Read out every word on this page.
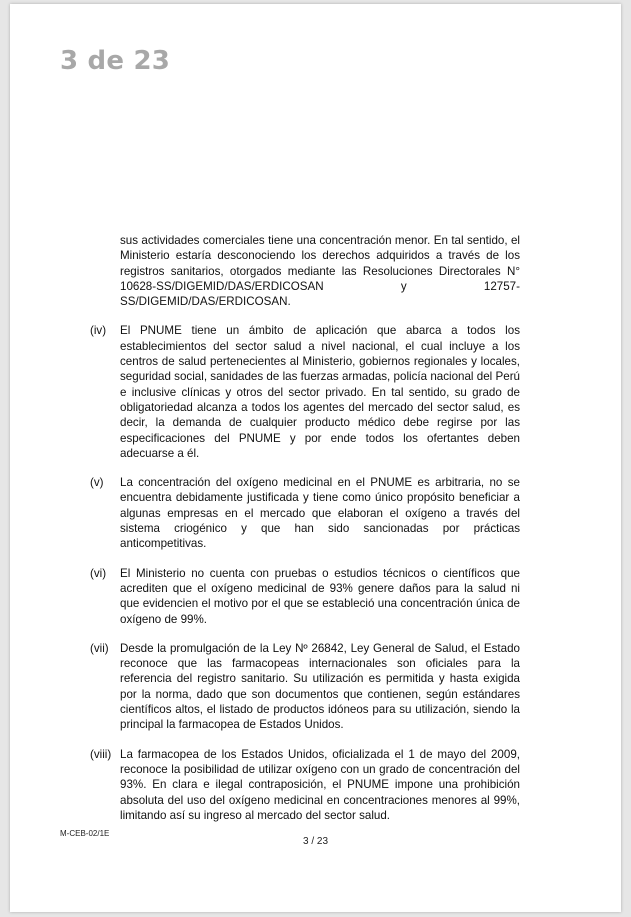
3 de 23
sus actividades comerciales tiene una concentración menor. En tal sentido, el Ministerio estaría desconociendo los derechos adquiridos a través de los registros sanitarios, otorgados mediante las Resoluciones Directorales N° 10628-SS/DIGEMID/DAS/ERDICOSAN y 12757-SS/DIGEMID/DAS/ERDICOSAN.
(iv)	El PNUME tiene un ámbito de aplicación que abarca a todos los establecimientos del sector salud a nivel nacional, el cual incluye a los centros de salud pertenecientes al Ministerio, gobiernos regionales y locales, seguridad social, sanidades de las fuerzas armadas, policía nacional del Perú e inclusive clínicas y otros del sector privado. En tal sentido, su grado de obligatoriedad alcanza a todos los agentes del mercado del sector salud, es decir, la demanda de cualquier producto médico debe regirse por las especificaciones del PNUME y por ende todos los ofertantes deben adecuarse a él.
(v)	La concentración del oxígeno medicinal en el PNUME es arbitraria, no se encuentra debidamente justificada y tiene como único propósito beneficiar a algunas empresas en el mercado que elaboran el oxígeno a través del sistema criogénico y que han sido sancionadas por prácticas anticompetitivas.
(vi)	El Ministerio no cuenta con pruebas o estudios técnicos o científicos que acrediten que el oxígeno medicinal de 93% genere daños para la salud ni que evidencien el motivo por el que se estableció una concentración única de oxígeno de 99%.
(vii) Desde la promulgación de la Ley Nº 26842, Ley General de Salud, el Estado reconoce que las farmacopeas internacionales son oficiales para la referencia del registro sanitario. Su utilización es permitida y hasta exigida por la norma, dado que son documentos que contienen, según estándares científicos altos, el listado de productos idóneos para su utilización, siendo la principal la farmacopea de Estados Unidos.
(viii) La farmacopea de los Estados Unidos, oficializada el 1 de mayo del 2009, reconoce la posibilidad de utilizar oxígeno con un grado de concentración del 93%. En clara e ilegal contraposición, el PNUME impone una prohibición absoluta del uso del oxígeno medicinal en concentraciones menores al 99%, limitando así su ingreso al mercado del sector salud.
M-CEB-02/1E
3 / 23
